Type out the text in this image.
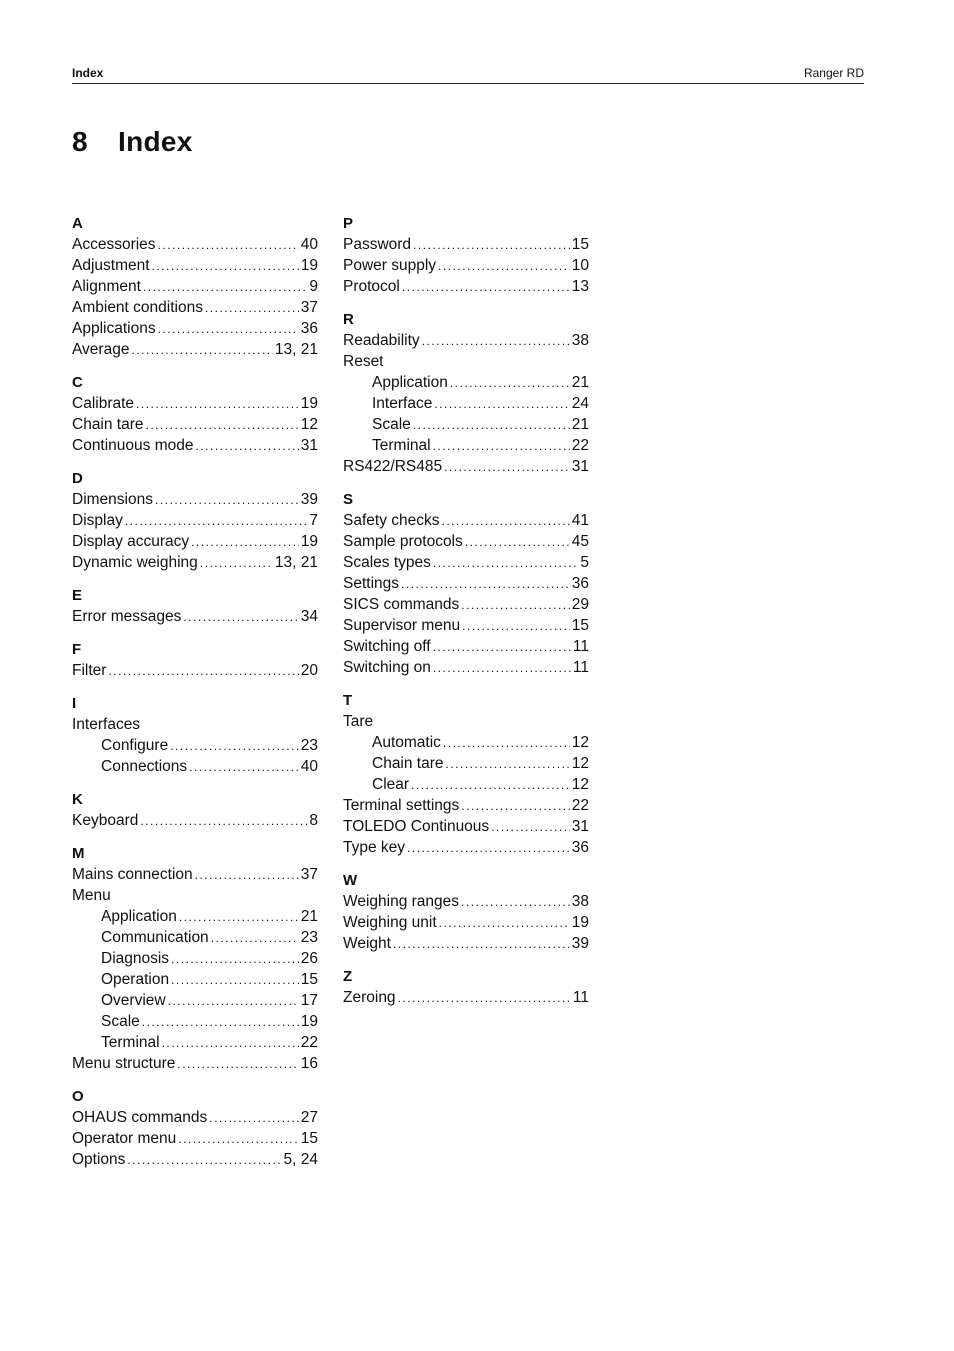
Index	Ranger RD
8 Index
A
Accessories .....	40
Adjustment .....	19
Alignment .....	9
Ambient conditions .....	37
Applications .....	36
Average .....	13, 21
C
Calibrate .....	19
Chain tare .....	12
Continuous mode .....	31
D
Dimensions .....	39
Display .....	7
Display accuracy .....	19
Dynamic weighing .....	13, 21
E
Error messages .....	34
F
Filter .....	20
I
Interfaces
Configure .....	23
Connections .....	40
K
Keyboard .....	8
M
Mains connection .....	37
Menu
Application .....	21
Communication .....	23
Diagnosis .....	26
Operation .....	15
Overview .....	17
Scale .....	19
Terminal .....	22
Menu structure .....	16
O
OHAUS commands .....	27
Operator menu .....	15
Options .....	5, 24
P
Password .....	15
Power supply .....	10
Protocol .....	13
R
Readability .....	38
Reset
Application .....	21
Interface .....	24
Scale .....	21
Terminal .....	22
RS422/RS485 .....	31
S
Safety checks .....	41
Sample protocols .....	45
Scales types .....	5
Settings .....	36
SICS commands .....	29
Supervisor menu .....	15
Switching off .....	11
Switching on .....	11
T
Tare
Automatic .....	12
Chain tare .....	12
Clear .....	12
Terminal settings .....	22
TOLEDO Continuous .....	31
Type key .....	36
W
Weighing ranges .....	38
Weighing unit .....	19
Weight .....	39
Z
Zeroing .....	11
